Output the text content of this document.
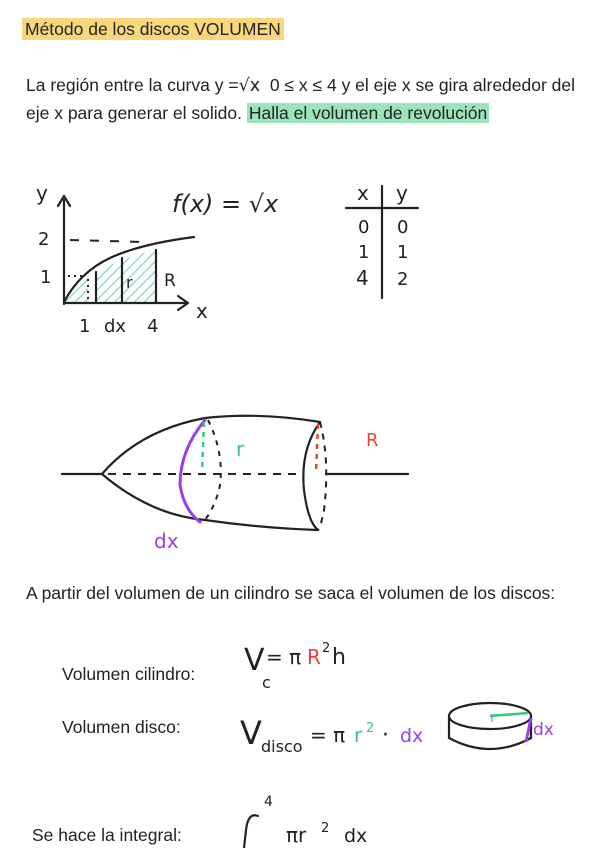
Método de los discos VOLUMEN
La región entre la curva y =√x 0 ≤ x ≤ 4 y el eje x se gira alrededor del eje x para generar el solido. Halla el volumen de revolución
y
x
2
1
1 dx 4
r R
f(x) = √x	x y
0 0
1 1
4 2
r	R
dx
A partir del volumen de un cilindro se saca el volumen de los discos:
Volumen cilindro: V
c
= π R 2 h
Volumen disco: V disco = π r 2 · dx
r
dx
Se hace la integral:
4
πr 2 dx
